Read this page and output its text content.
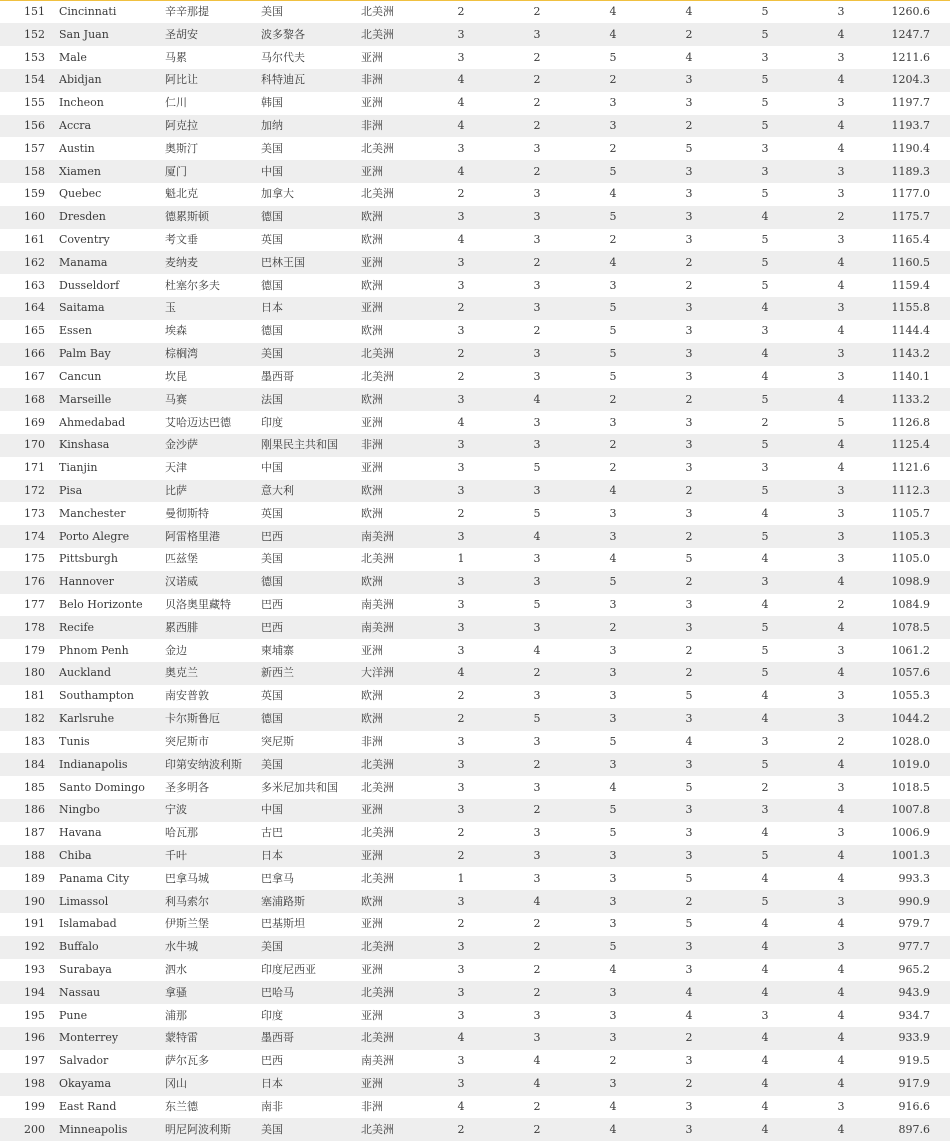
151	Cincinnati	辛辛那提	美国	北美洲	2	2	4	4	5	3	1260.6
152	San Juan	圣胡安	波多黎各	北美洲	3	3	4	2	5	4	1247.7
153	Male	马累	马尔代夫	亚洲	3	2	5	4	3	3	1211.6
154	Abidjan	阿比让	科特迪瓦	非洲	4	2	2	3	5	4	1204.3
155	Incheon	仁川	韩国	亚洲	4	2	3	3	5	3	1197.7
156	Accra	阿克拉	加纳	非洲	4	2	3	2	5	4	1193.7
157	Austin	奥斯汀	美国	北美洲	3	3	2	5	3	4	1190.4
158	Xiamen	厦门	中国	亚洲	4	2	5	3	3	3	1189.3
159	Quebec	魁北克	加拿大	北美洲	2	3	4	3	5	3	1177.0
160	Dresden	德累斯顿	德国	欧洲	3	3	5	3	4	2	1175.7
161	Coventry	考文垂	英国	欧洲	4	3	2	3	5	3	1165.4
162	Manama	麦纳麦	巴林王国	亚洲	3	2	4	2	5	4	1160.5
163	Dusseldorf	杜塞尔多夫	德国	欧洲	3	3	3	2	5	4	1159.4
164	Saitama	玉	日本	亚洲	2	3	5	3	4	3	1155.8
165	Essen	埃森	德国	欧洲	3	2	5	3	3	4	1144.4
166	Palm Bay	棕榈湾	美国	北美洲	2	3	5	3	4	3	1143.2
167	Cancun	坎昆	墨西哥	北美洲	2	3	5	3	4	3	1140.1
168	Marseille	马赛	法国	欧洲	3	4	2	2	5	4	1133.2
169	Ahmedabad	艾哈迈达巴德	印度	亚洲	4	3	3	3	2	5	1126.8
170	Kinshasa	金沙萨	刚果民主共和国	非洲	3	3	2	3	5	4	1125.4
171	Tianjin	天津	中国	亚洲	3	5	2	3	3	4	1121.6
172	Pisa	比萨	意大利	欧洲	3	3	4	2	5	3	1112.3
173	Manchester	曼彻斯特	英国	欧洲	2	5	3	3	4	3	1105.7
174	Porto Alegre	阿雷格里港	巴西	南美洲	3	4	3	2	5	3	1105.3
175	Pittsburgh	匹兹堡	美国	北美洲	1	3	4	5	4	3	1105.0
176	Hannover	汉诺威	德国	欧洲	3	3	5	2	3	4	1098.9
177	Belo Horizonte	贝洛奥里藏特	巴西	南美洲	3	5	3	3	4	2	1084.9
178	Recife	累西腓	巴西	南美洲	3	3	2	3	5	4	1078.5
179	Phnom Penh	金边	柬埔寨	亚洲	3	4	3	2	5	3	1061.2
180	Auckland	奥克兰	新西兰	大洋洲	4	2	3	2	5	4	1057.6
181	Southampton	南安普敦	英国	欧洲	2	3	3	5	4	3	1055.3
182	Karlsruhe	卡尔斯鲁厄	德国	欧洲	2	5	3	3	4	3	1044.2
183	Tunis	突尼斯市	突尼斯	非洲	3	3	5	4	3	2	1028.0
184	Indianapolis	印第安纳波利斯	美国	北美洲	3	2	3	3	5	4	1019.0
185	Santo Domingo	圣多明各	多米尼加共和国	北美洲	3	3	4	5	2	3	1018.5
186	Ningbo	宁波	中国	亚洲	3	2	5	3	3	4	1007.8
187	Havana	哈瓦那	古巴	北美洲	2	3	5	3	4	3	1006.9
188	Chiba	千叶	日本	亚洲	2	3	3	3	5	4	1001.3
189	Panama City	巴拿马城	巴拿马	北美洲	1	3	3	5	4	4	993.3
190	Limassol	利马索尔	塞浦路斯	欧洲	3	4	3	2	5	3	990.9
191	Islamabad	伊斯兰堡	巴基斯坦	亚洲	2	2	3	5	4	4	979.7
192	Buffalo	水牛城	美国	北美洲	3	2	5	3	4	3	977.7
193	Surabaya	泗水	印度尼西亚	亚洲	3	2	4	3	4	4	965.2
194	Nassau	拿骚	巴哈马	北美洲	3	2	3	4	4	4	943.9
195	Pune	浦那	印度	亚洲	3	3	3	4	3	4	934.7
196	Monterrey	蒙特雷	墨西哥	北美洲	4	3	3	2	4	4	933.9
197	Salvador	萨尔瓦多	巴西	南美洲	3	4	2	3	4	4	919.5
198	Okayama	冈山	日本	亚洲	3	4	3	2	4	4	917.9
199	East Rand	东兰德	南非	非洲	4	2	4	3	4	3	916.6
200	Minneapolis	明尼阿波利斯	美国	北美洲	2	2	4	3	4	4	897.6
